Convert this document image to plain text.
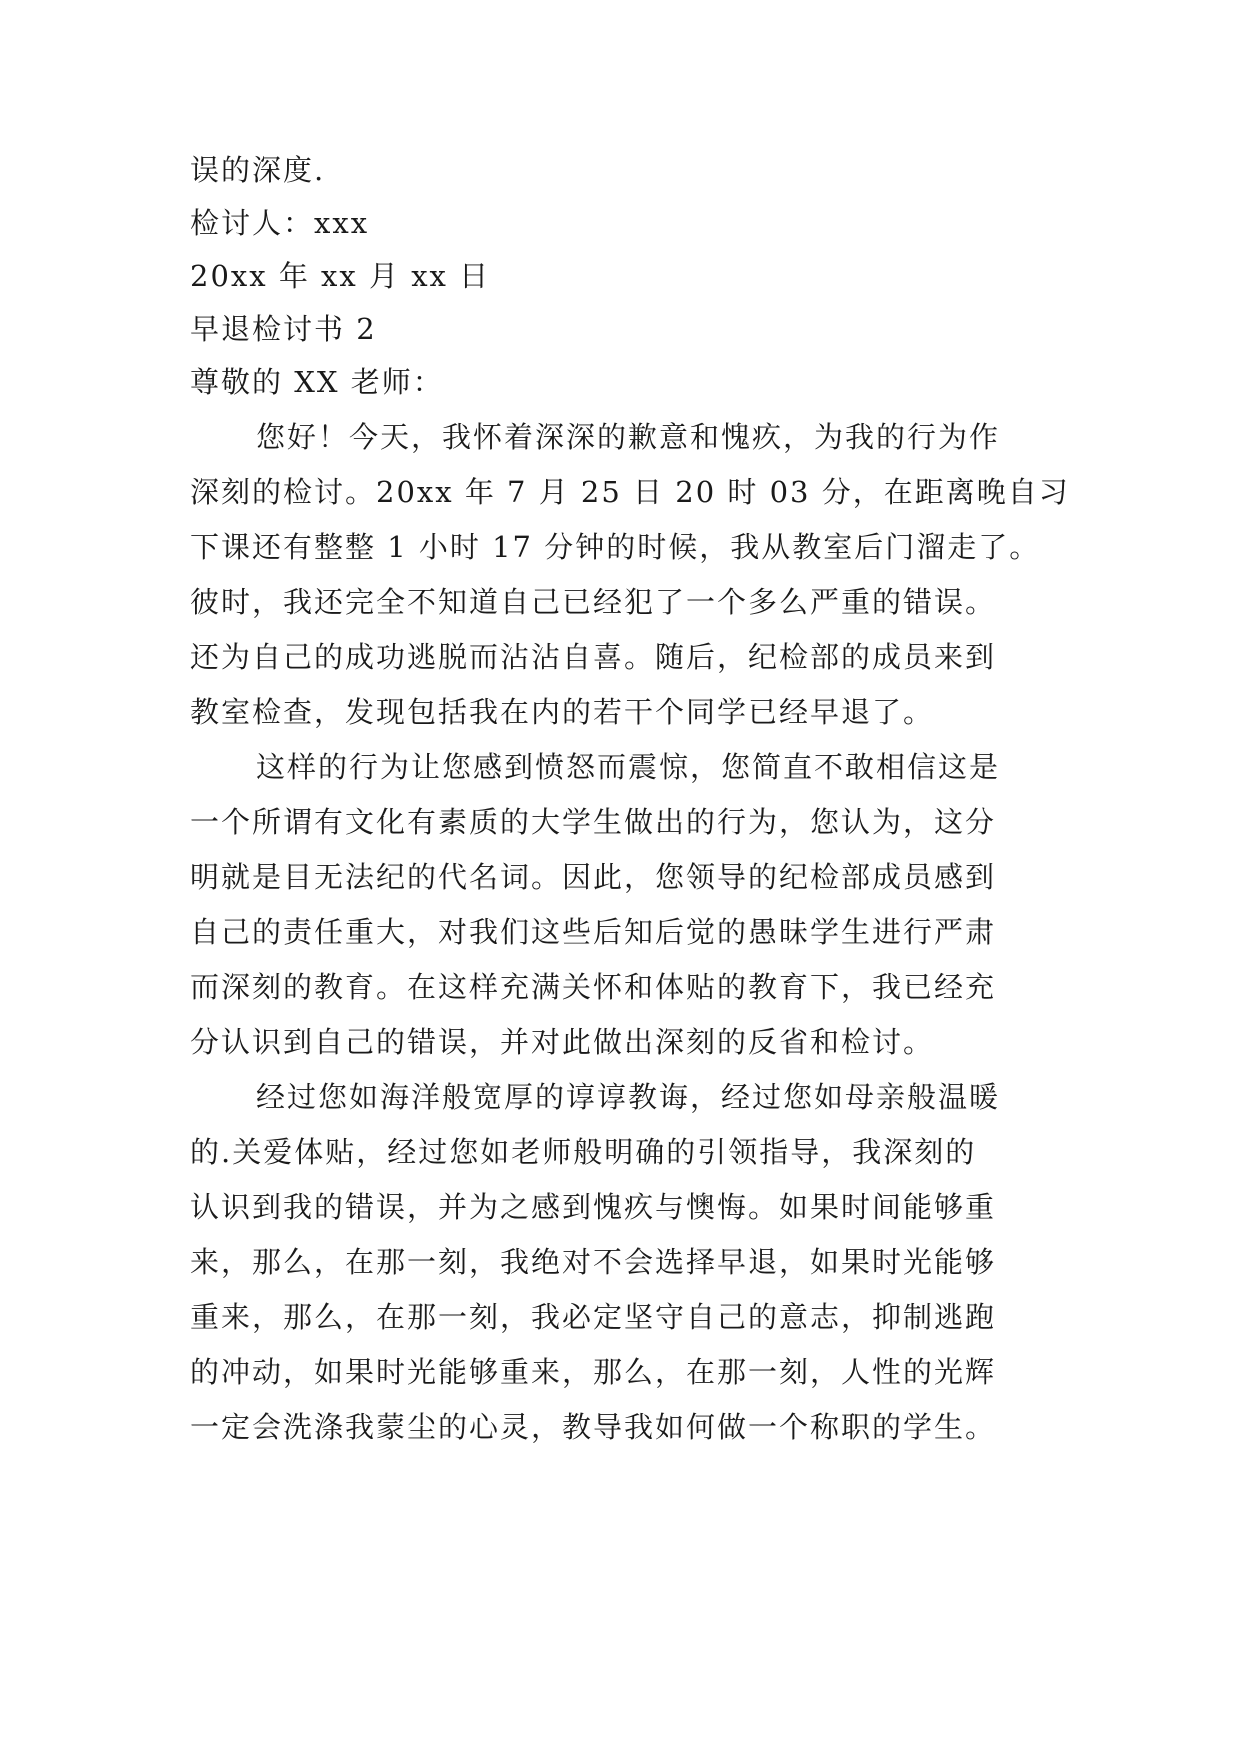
误的深度.
检讨人：xxx
20xx 年 xx 月 xx 日
早退检讨书 2
尊敬的 XX 老师：
您好！今天，我怀着深深的歉意和愧疚，为我的行为作
深刻的检讨。20xx 年 7 月 25 日 20 时 03 分，在距离晚自习
下课还有整整 1 小时 17 分钟的时候，我从教室后门溜走了。
彼时，我还完全不知道自己已经犯了一个多么严重的错误。
还为自己的成功逃脱而沾沾自喜。随后，纪检部的成员来到
教室检查，发现包括我在内的若干个同学已经早退了。
这样的行为让您感到愤怒而震惊，您简直不敢相信这是
一个所谓有文化有素质的大学生做出的行为，您认为，这分
明就是目无法纪的代名词。因此，您领导的纪检部成员感到
自己的责任重大，对我们这些后知后觉的愚昧学生进行严肃
而深刻的教育。在这样充满关怀和体贴的教育下，我已经充
分认识到自己的错误，并对此做出深刻的反省和检讨。
经过您如海洋般宽厚的谆谆教诲，经过您如母亲般温暖
的.关爱体贴，经过您如老师般明确的引领指导，我深刻的
认识到我的错误，并为之感到愧疚与懊悔。如果时间能够重
来，那么，在那一刻，我绝对不会选择早退，如果时光能够
重来，那么，在那一刻，我必定坚守自己的意志，抑制逃跑
的冲动，如果时光能够重来，那么，在那一刻，人性的光辉
一定会洗涤我蒙尘的心灵，教导我如何做一个称职的学生。
